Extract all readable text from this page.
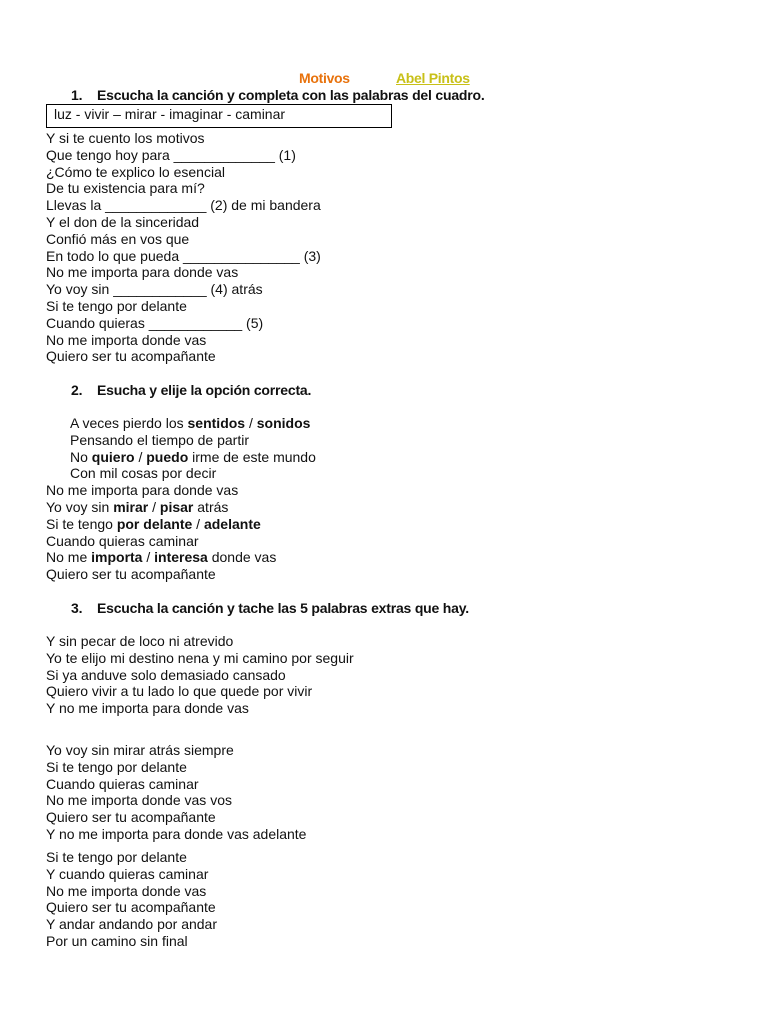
Motivos	Abel Pintos
1. Escucha la canción y completa con las palabras del cuadro.
luz - vivir – mirar - imaginar - caminar
Y si te cuento los motivos
Que tengo hoy para _____________ (1)
¿Cómo te explico lo esencial
De tu existencia para mí?
Llevas la _____________ (2) de mi bandera
Y el don de la sinceridad
Confió más en vos que
En todo lo que pueda _______________ (3)
No me importa para donde vas
Yo voy sin ____________ (4) atrás
Si te tengo por delante
Cuando quieras ____________ (5)
No me importa donde vas
Quiero ser tu acompañante
2. Esucha y elije la opción correcta.
A veces pierdo los sentidos / sonidos
Pensando el tiempo de partir
No quiero / puedo irme de este mundo
Con mil cosas por decir
No me importa para donde vas
Yo voy sin mirar / pisar atrás
Si te tengo por delante / adelante
Cuando quieras caminar
No me importa / interesa donde vas
Quiero ser tu acompañante
3. Escucha la canción y tache las 5 palabras extras que hay.
Y sin pecar de loco ni atrevido
Yo te elijo mi destino nena y mi camino por seguir
Si ya anduve solo demasiado cansado
Quiero vivir a tu lado lo que quede por vivir
Y no me importa para donde vas
Yo voy sin mirar atrás siempre
Si te tengo por delante
Cuando quieras caminar
No me importa donde vas vos
Quiero ser tu acompañante
Y no me importa para donde vas adelante
Si te tengo por delante
Y cuando quieras caminar
No me importa donde vas
Quiero ser tu acompañante
Y andar andando por andar
Por un camino sin final
